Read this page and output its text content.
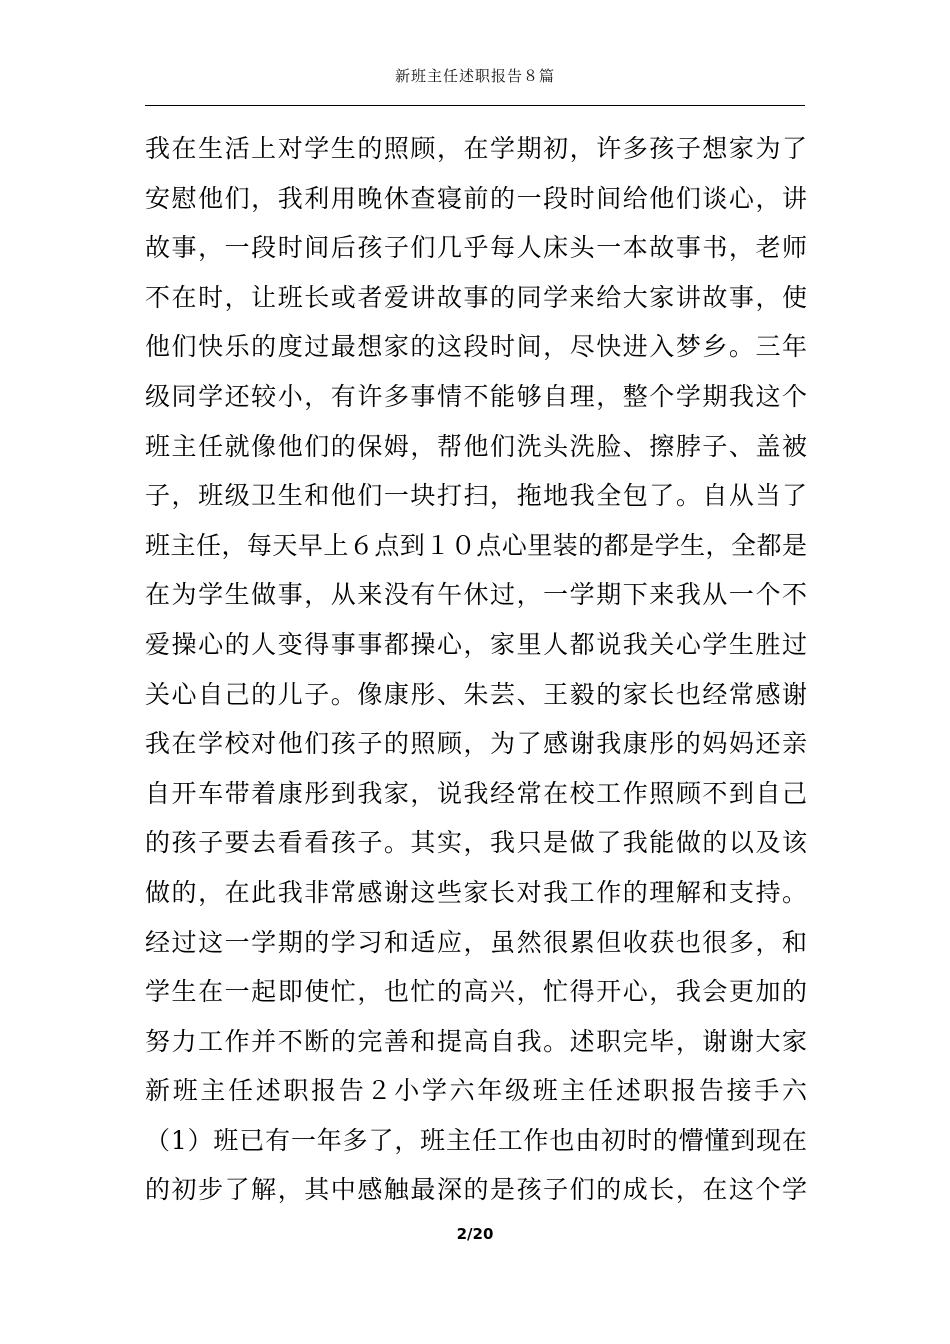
新班主任述职报告８篇
我在生活上对学生的照顾，在学期初，许多孩子想家为了
安慰他们，我利用晚休查寝前的一段时间给他们谈心，讲
故事，一段时间后孩子们几乎每人床头一本故事书，老师
不在时，让班长或者爱讲故事的同学来给大家讲故事，使
他们快乐的度过最想家的这段时间，尽快进入梦乡。三年
级同学还较小，有许多事情不能够自理，整个学期我这个
班主任就像他们的保姆，帮他们洗头洗脸、擦脖子、盖被
子，班级卫生和他们一块打扫，拖地我全包了。自从当了
班主任，每天早上６点到１０点心里装的都是学生，全都是
在为学生做事，从来没有午休过，一学期下来我从一个不
爱操心的人变得事事都操心，家里人都说我关心学生胜过
关心自己的儿子。像康彤、朱芸、王毅的家长也经常感谢
我在学校对他们孩子的照顾，为了感谢我康彤的妈妈还亲
自开车带着康彤到我家，说我经常在校工作照顾不到自己
的孩子要去看看孩子。其实，我只是做了我能做的以及该
做的，在此我非常感谢这些家长对我工作的理解和支持。
经过这一学期的学习和适应，虽然很累但收获也很多，和
学生在一起即使忙，也忙的高兴，忙得开心，我会更加的
努力工作并不断的完善和提高自我。述职完毕，谢谢大家
新班主任述职报告２小学六年级班主任述职报告接手六
（1）班已有一年多了，班主任工作也由初时的懵懂到现在
的初步了解，其中感触最深的是孩子们的成长，在这个学
2/20
